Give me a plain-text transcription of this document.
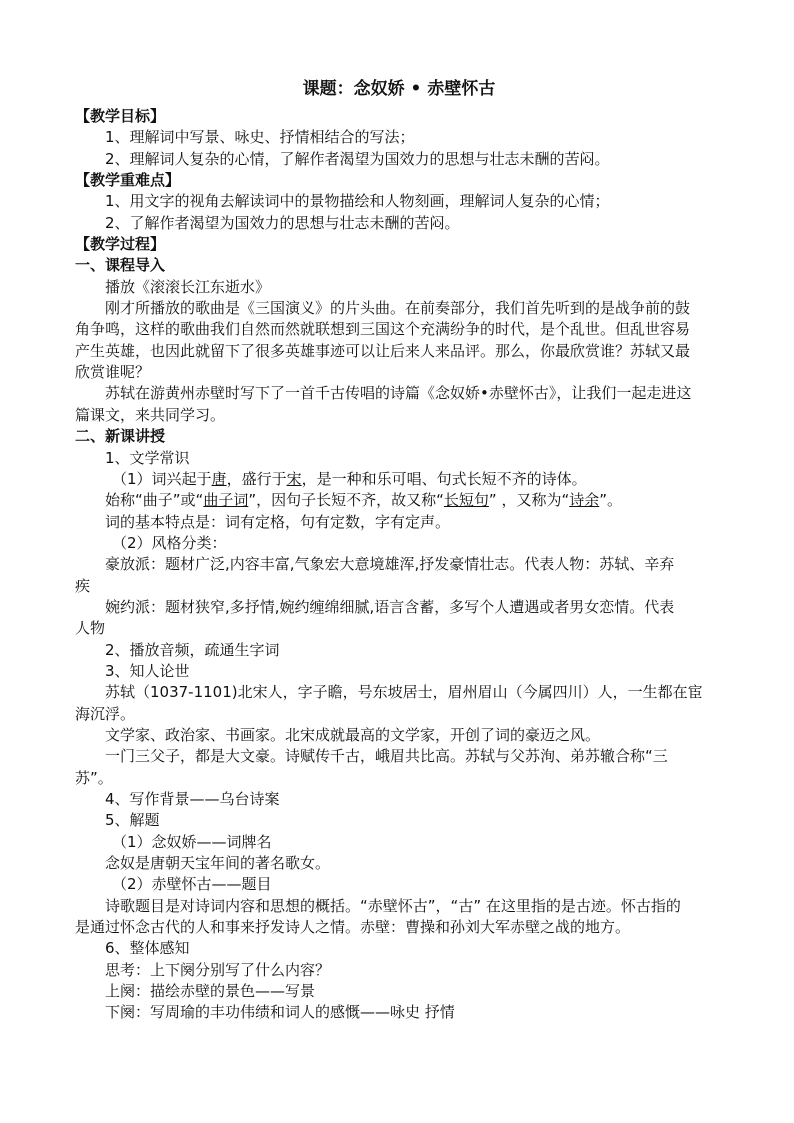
课题：念奴娇 • 赤壁怀古
【教学目标】
1、理解词中写景、咏史、抒情相结合的写法；
2、理解词人复杂的心情，了解作者渴望为国效力的思想与壮志未酬的苦闷。
【教学重难点】
1、用文字的视角去解读词中的景物描绘和人物刻画，理解词人复杂的心情；
2、了解作者渴望为国效力的思想与壮志未酬的苦闷。
【教学过程】
一、课程导入
播放《滚滚长江东逝水》
刚才所播放的歌曲是《三国演义》的片头曲。在前奏部分，我们首先听到的是战争前的鼓
角争鸣，这样的歌曲我们自然而然就联想到三国这个充满纷争的时代，是个乱世。但乱世容易
产生英雄，也因此就留下了很多英雄事迹可以让后来人来品评。那么，你最欣赏谁？苏轼又最
欣赏谁呢？
苏轼在游黄州赤壁时写下了一首千古传唱的诗篇《念奴娇•赤壁怀古》，让我们一起走进这
篇课文，来共同学习。
二、新课讲授
1、文学常识
（1）词兴起于唐，盛行于宋，是一种和乐可唱、句式长短不齐的诗体。
始称“曲子”或“曲子词”，因句子长短不齐，故又称“长短句” ，又称为“诗余”。
词的基本特点是：词有定格，句有定数，字有定声。
（2）风格分类：
豪放派：题材广泛,内容丰富,气象宏大意境雄浑,抒发豪情壮志。代表人物：苏轼、辛弃
疾
婉约派：题材狭窄,多抒情,婉约缠绵细腻,语言含蓄，多写个人遭遇或者男女恋情。代表
人物
2、播放音频，疏通生字词
3、知人论世
苏轼（1037-1101)北宋人，字子瞻，号东坡居士，眉州眉山（今属四川）人，一生都在宦
海沉浮。
文学家、政治家、书画家。北宋成就最高的文学家，开创了词的豪迈之风。
一门三父子，都是大文豪。诗赋传千古，峨眉共比高。苏轼与父苏洵、弟苏辙合称“三
苏”。
4、写作背景——乌台诗案
5、解题
（1）念奴娇——词牌名
念奴是唐朝天宝年间的著名歌女。
（2）赤壁怀古——题目
诗歌题目是对诗词内容和思想的概括。“赤壁怀古”，“古” 在这里指的是古迹。怀古指的
是通过怀念古代的人和事来抒发诗人之情。赤壁：曹操和孙刘大军赤壁之战的地方。
6、整体感知
思考：上下阕分别写了什么内容？
上阕：描绘赤壁的景色——写景
下阕：写周瑜的丰功伟绩和词人的感慨——咏史 抒情
